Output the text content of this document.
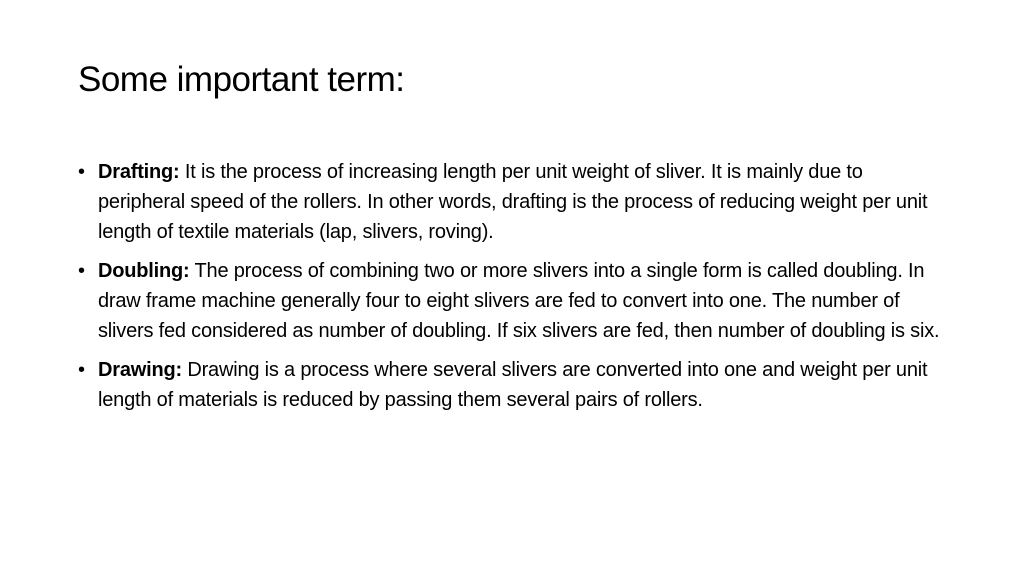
Some important term:
• Drafting: It is the process of increasing length per unit weight of sliver. It is mainly due to peripheral speed of the rollers. In other words, drafting is the process of reducing weight per unit length of textile materials (lap, slivers, roving).
• Doubling: The process of combining two or more slivers into a single form is called doubling. In draw frame machine generally four to eight slivers are fed to convert into one. The number of slivers fed considered as number of doubling. If six slivers are fed, then number of doubling is six.
• Drawing: Drawing is a process where several slivers are converted into one and weight per unit length of materials is reduced by passing them several pairs of rollers.
